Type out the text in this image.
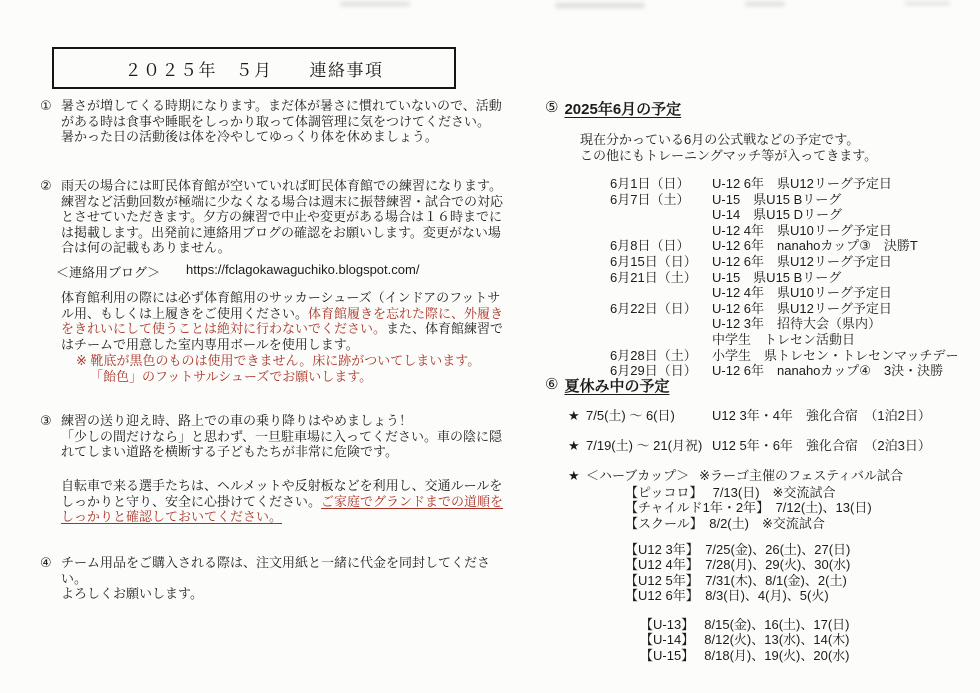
２０２５年　５月　　連絡事項
① 暑さが増してくる時期になります。まだ体が暑さに慣れていないので、活動がある時は食事や睡眠をしっかり取って体調管理に気をつけてください。
暑かった日の活動後は体を冷やしてゆっくり体を休めましょう。
② 雨天の場合には町民体育館が空いていれば町民体育館での練習になります。練習など活動回数が極端に少なくなる場合は週末に振替練習・試合での対応とさせていただきます。夕方の練習で中止や変更がある場合は１６時までには掲載します。出発前に連絡用ブログの確認をお願いします。変更がない場合は何の記載もありません。
＜連絡用ブログ＞ https://fclagokawaguchiko.blogspot.com/
体育館利用の際には必ず体育館用のサッカーシューズ（インドアのフットサル用、もしくは上履きをご使用ください。体育館履きを忘れた際に、外履きをきれいにして使うことは絶対に行わないでください。また、体育館練習ではチームで用意した室内専用ボールを使用します。
※ 靴底が黒色のものは使用できません。床に跡がついてしまいます。
「飴色」のフットサルシューズでお願いします。
③ 練習の送り迎え時、路上での車の乗り降りはやめましょう！
「少しの間だけなら」と思わず、一旦駐車場に入ってください。車の陰に隠れてしまい道路を横断する子どもたちが非常に危険です。
自転車で来る選手たちは、ヘルメットや反射板などを利用し、交通ルールをしっかりと守り、安全に心掛けてください。ご家庭でグランドまでの道順をしっかりと確認しておいてください。
④ チーム用品をご購入される際は、注文用紙と一緒に代金を同封してください。
よろしくお願いします。
⑤ 2025年6月の予定
現在分かっている6月の公式戦などの予定です。
この他にもトレーニングマッチ等が入ってきます。
6月1日（日）	U-12 6年　県U12リーグ予定日
6月7日（土）	U-15　県U15 Bリーグ
U-14　県U15 Dリーグ
U-12 4年　県U10リーグ予定日
6月8日（日）	U-12 6年　nanahoカップ③　決勝T
6月15日（日）	U-12 6年　県U12リーグ予定日
6月21日（土）	U-15　県U15 Bリーグ
U-12 4年　県U10リーグ予定日
6月22日（日）	U-12 6年　県U12リーグ予定日
U-12 3年　招待大会（県内）
中学生　トレセン活動日
6月28日（土）	小学生　県トレセン・トレセンマッチデー
6月29日（日）	U-12 6年　nanahoカップ④　3決・決勝
⑥ 夏休み中の予定
★ 7/5(土) ～ 6(日)	U12 3年・4年　強化合宿　（1泊2日）
★ 7/19(土) ～ 21(月祝) U12 5年・6年　強化合宿　（2泊3日）
★ ＜ハーブカップ＞ ※ラーゴ主催のフェスティバル試合
【ピッコロ】　 7/13(日)　※交流試合
【チャイルド1年・2年】　7/12(土)、13(日)
【スクール】　8/2(土)　※交流試合
【U12 3年】　7/25(金)、26(土)、27(日)
【U12 4年】　7/28(月)、29(火)、30(水)
【U12 5年】　7/31(木)、8/1(金)、2(土)
【U12 6年】　8/3(日)、4(月)、5(火)
【U-13】　 8/15(金)、16(土)、17(日)
【U-14】　 8/12(火)、13(水)、14(木)
【U-15】　 8/18(月)、19(火)、20(水)
